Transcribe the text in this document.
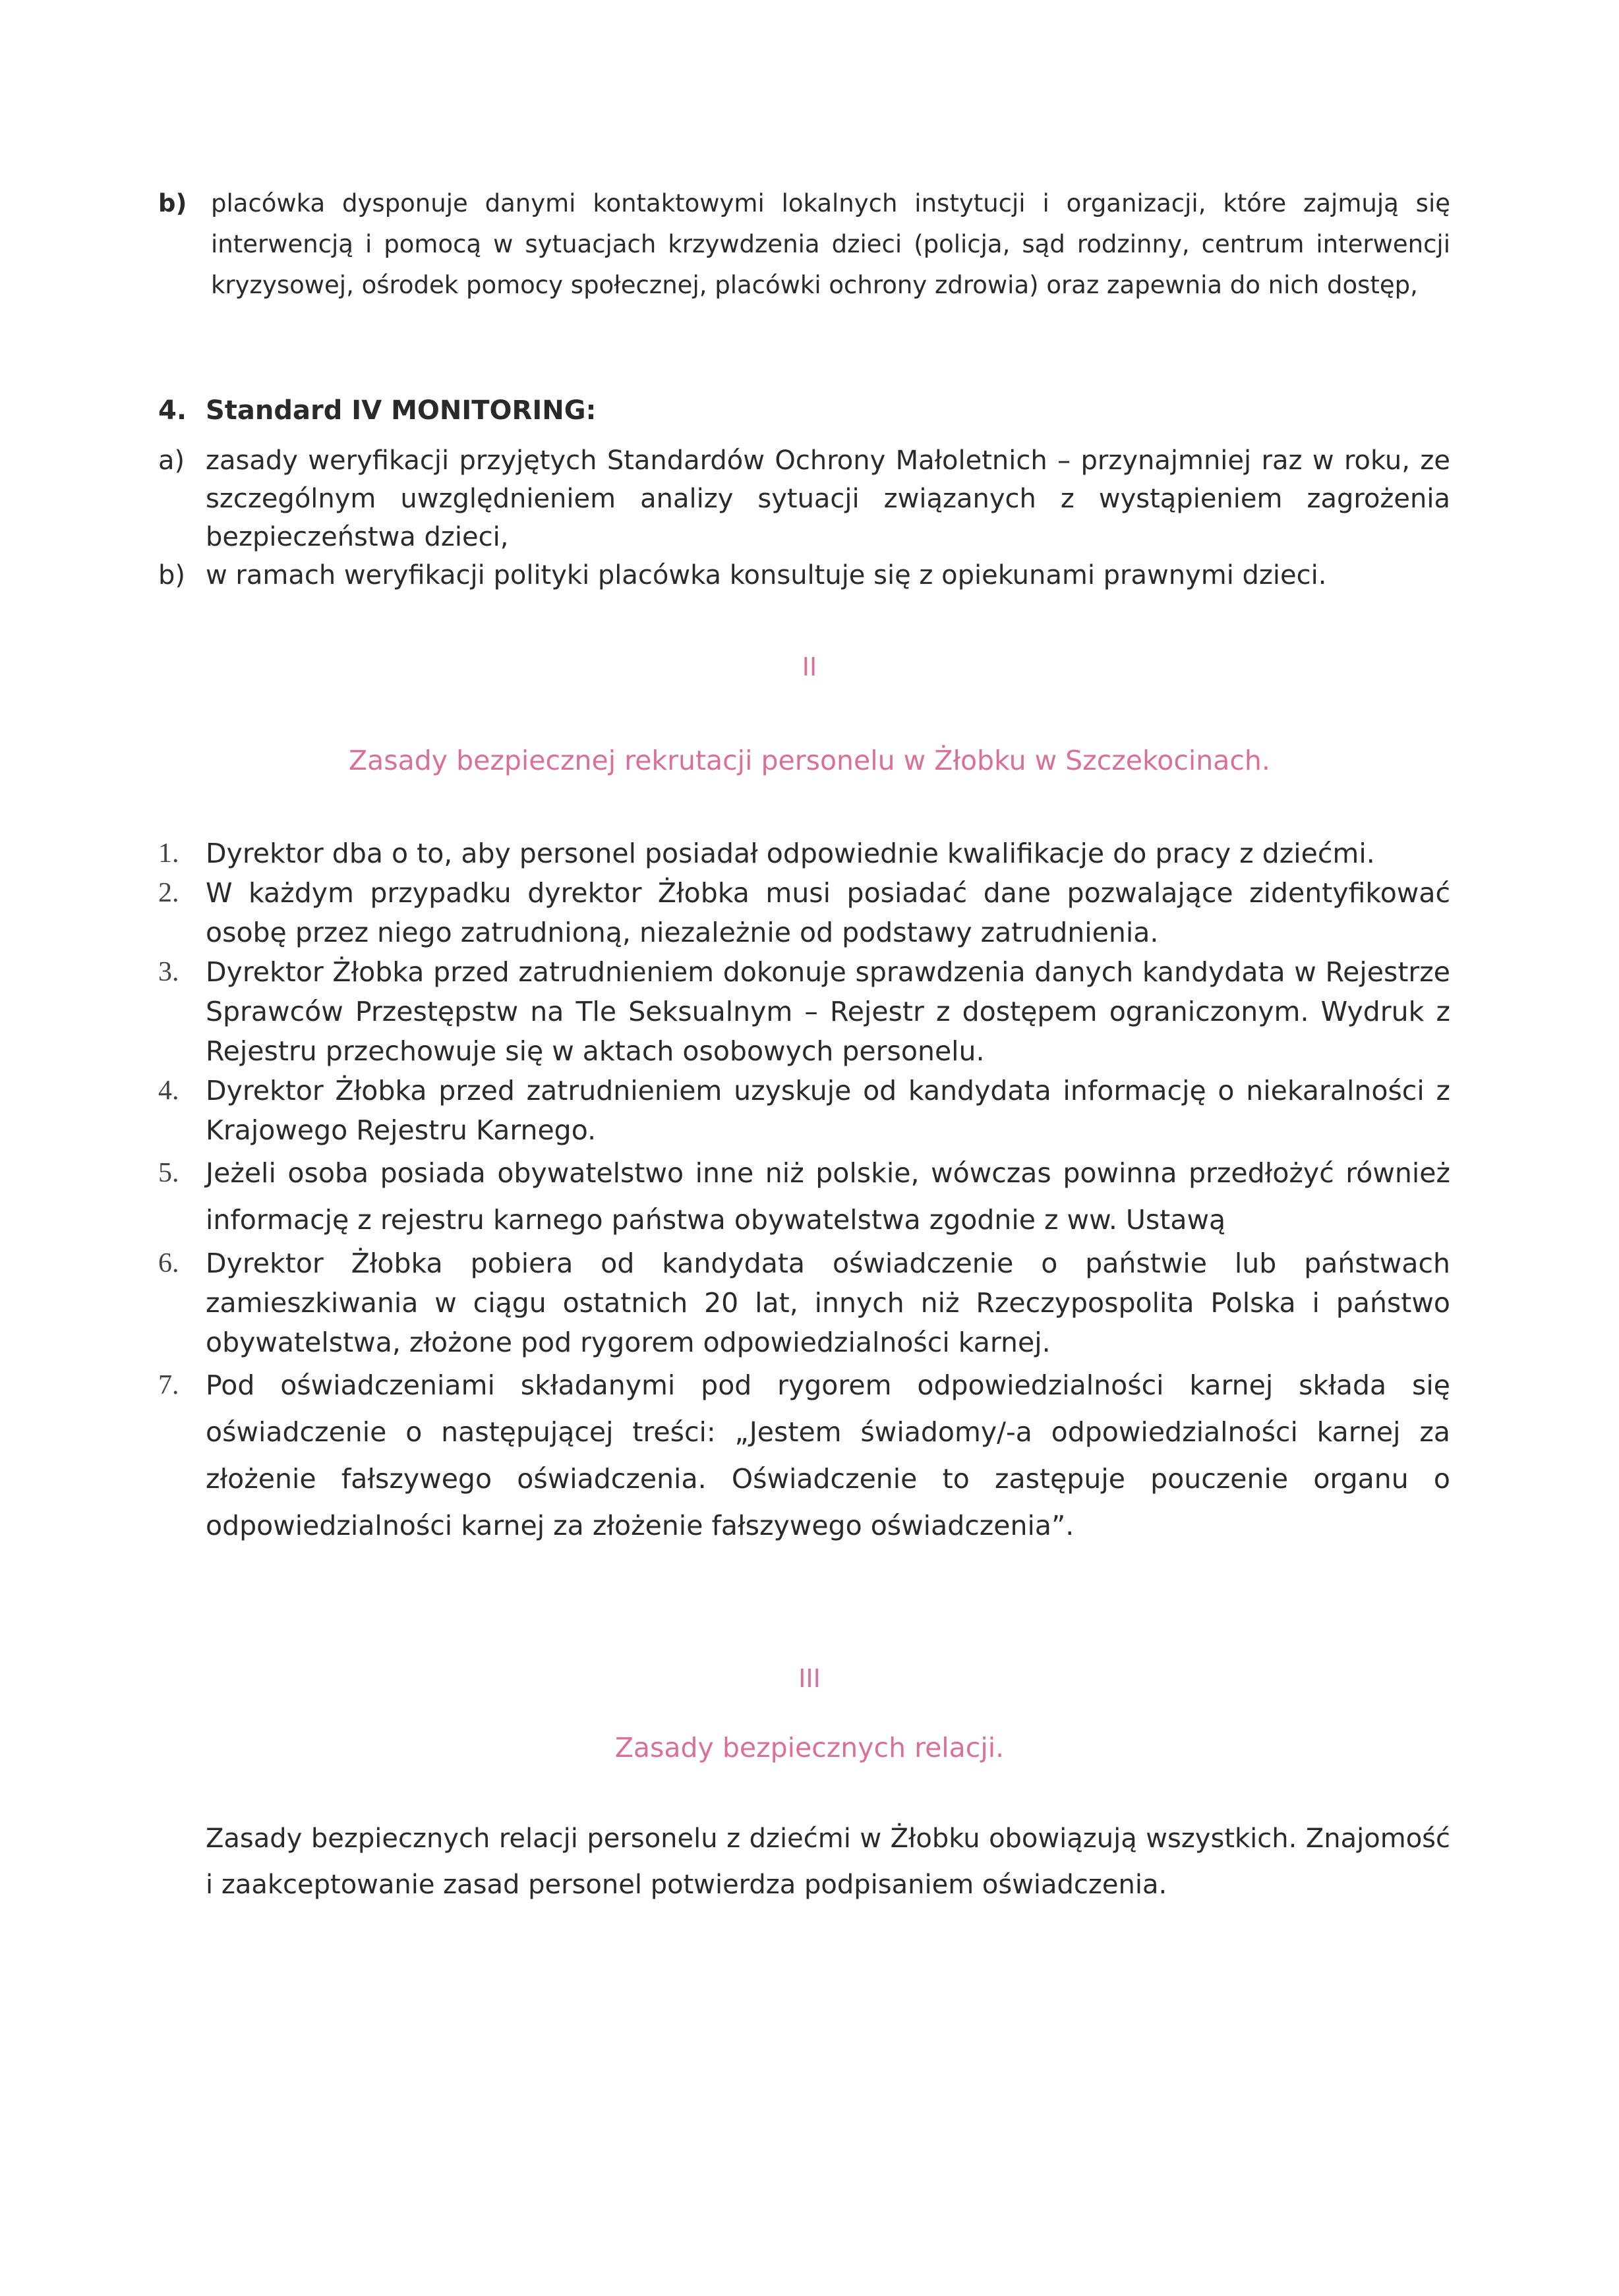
b) placówka dysponuje danymi kontaktowymi lokalnych instytucji i organizacji, które zajmują się
interwencją i pomocą w sytuacjach krzywdzenia dzieci (policja, sąd rodzinny, centrum interwencji
kryzysowej, ośrodek pomocy społecznej, placówki ochrony zdrowia) oraz zapewnia do nich dostęp,
4. Standard IV MONITORING:
a) zasady weryfikacji przyjętych Standardów Ochrony Małoletnich – przynajmniej raz w roku, ze szczególnym uwzględnieniem analizy sytuacji związanych z wystąpieniem zagrożenia bezpieczeństwa dzieci,
b) w ramach weryfikacji polityki placówka konsultuje się z opiekunami prawnymi dzieci.
II
Zasady bezpiecznej rekrutacji personelu w Żłobku w Szczekocinach.
1. Dyrektor dba o to, aby personel posiadał odpowiednie kwalifikacje do pracy z dziećmi.
2. W każdym przypadku dyrektor Żłobka musi posiadać dane pozwalające zidentyfikować osobę przez niego zatrudnioną, niezależnie od podstawy zatrudnienia.
3. Dyrektor Żłobka przed zatrudnieniem dokonuje sprawdzenia danych kandydata w Rejestrze Sprawców Przestępstw na Tle Seksualnym – Rejestr z dostępem ograniczonym. Wydruk z Rejestru przechowuje się w aktach osobowych personelu.
4. Dyrektor Żłobka przed zatrudnieniem uzyskuje od kandydata informację o niekaralności z Krajowego Rejestru Karnego.
5. Jeżeli osoba posiada obywatelstwo inne niż polskie, wówczas powinna przedłożyć również informację z rejestru karnego państwa obywatelstwa zgodnie z ww. Ustawą
6. Dyrektor Żłobka pobiera od kandydata oświadczenie o państwie lub państwach zamieszkiwania w ciągu ostatnich 20 lat, innych niż Rzeczypospolita Polska i państwo obywatelstwa, złożone pod rygorem odpowiedzialności karnej.
7. Pod oświadczeniami składanymi pod rygorem odpowiedzialności karnej składa się oświadczenie o następującej treści: „Jestem świadomy/-a odpowiedzialności karnej za złożenie fałszywego oświadczenia. Oświadczenie to zastępuje pouczenie organu o odpowiedzialności karnej za złożenie fałszywego oświadczenia”.
III
Zasady bezpiecznych relacji.
Zasady bezpiecznych relacji personelu z dziećmi w Żłobku obowiązują wszystkich. Znajomość i zaakceptowanie zasad personel potwierdza podpisaniem oświadczenia.
